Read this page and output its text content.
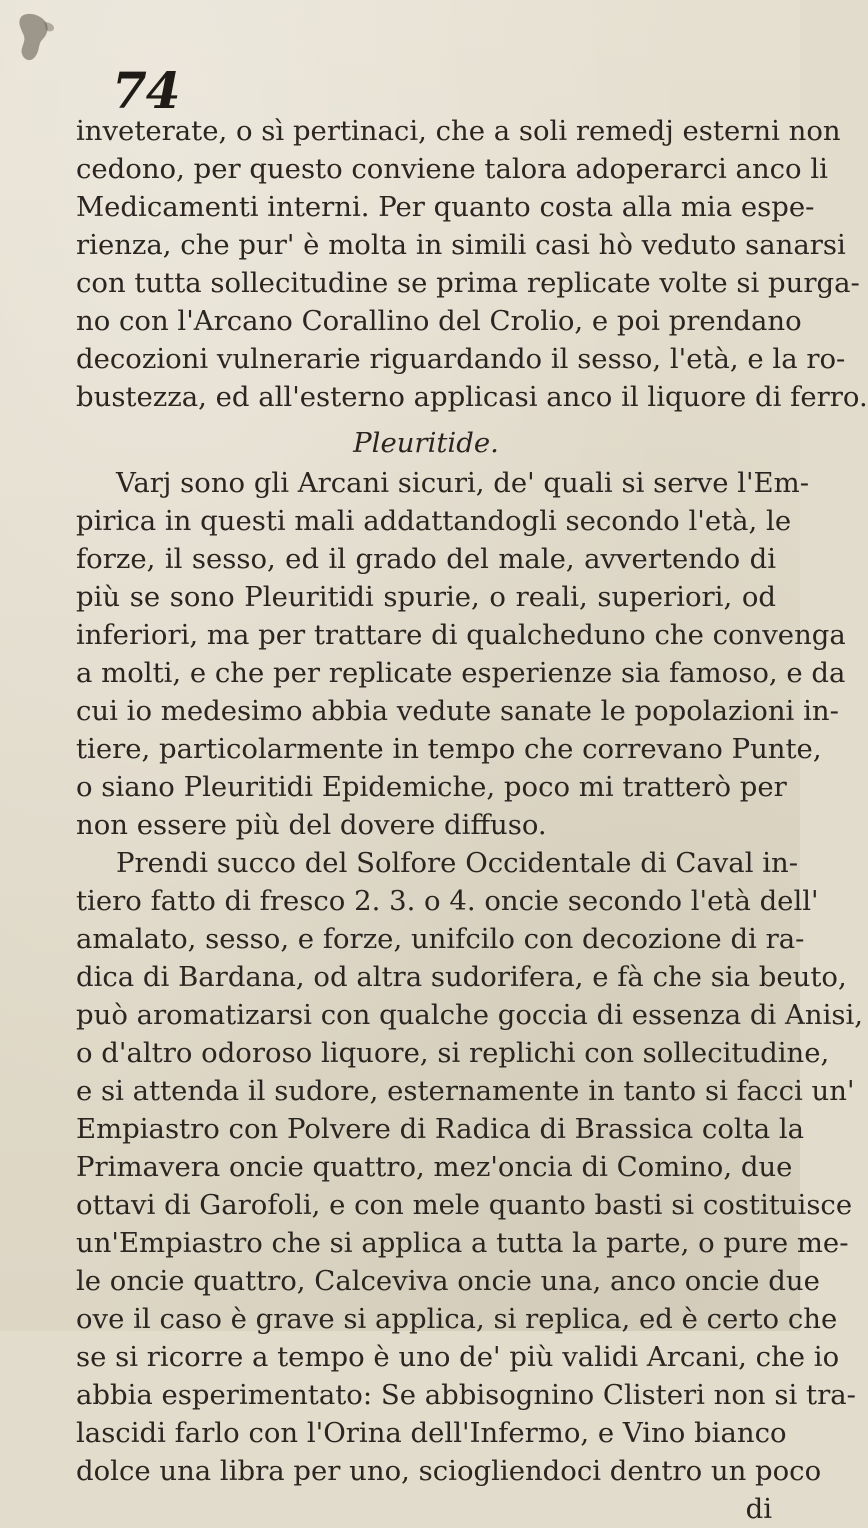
74
inveterate, o sì pertinaci, che a soli remedj esterni non
cedono, per questo conviene talora adoperarci anco li
Medicamenti interni. Per quanto costa alla mia espe-
rienza, che pur' è molta in simili casi hò veduto sanarsi
con tutta sollecitudine se prima replicate volte si purga-
no con l'Arcano Corallino del Crolio, e poi prendano
decozioni vulnerarie riguardando il sesso, l'età, e la ro-
bustezza, ed all'esterno applicasi anco il liquore di ferro.
Pleuritide.
Varj sono gli Arcani sicuri, de' quali si serve l'Em-
pirica in questi mali addattandogli secondo l'età, le
forze, il sesso, ed il grado del male, avvertendo di
più se sono Pleuritidi spurie, o reali, superiori, od
inferiori, ma per trattare di qualcheduno che convenga
a molti, e che per replicate esperienze sia famoso, e da
cui io medesimo abbia vedute sanate le popolazioni in-
tiere, particolarmente in tempo che correvano Punte,
o siano Pleuritidi Epidemiche, poco mi tratterò per
non essere più del dovere diffuso.
Prendi succo del Solfore Occidentale di Caval in-
tiero fatto di fresco 2. 3. o 4. oncie secondo l'età dell'
amalato, sesso, e forze, unifcilo con decozione di ra-
dica di Bardana, od altra sudorifera, e fà che sia beuto,
può aromatizarsi con qualche goccia di essenza di Anisi,
o d'altro odoroso liquore, si replichi con sollecitudine,
e si attenda il sudore, esternamente in tanto si facci un'
Empiastro con Polvere di Radica di Brassica colta la
Primavera oncie quattro, mez'oncia di Comino, due
ottavi di Garofoli, e con mele quanto basti si costituisce
un'Empiastro che si applica a tutta la parte, o pure me-
le oncie quattro, Calceviva oncie una, anco oncie due
ove il caso è grave si applica, si replica, ed è certo che
se si ricorre a tempo è uno de' più validi Arcani, che io
abbia esperimentato: Se abbisognino Clisteri non si tra-
lascidi farlo con l'Orina dell'Infermo, e Vino bianco
dolce una libra per uno, sciogliendoci dentro un poco
di
